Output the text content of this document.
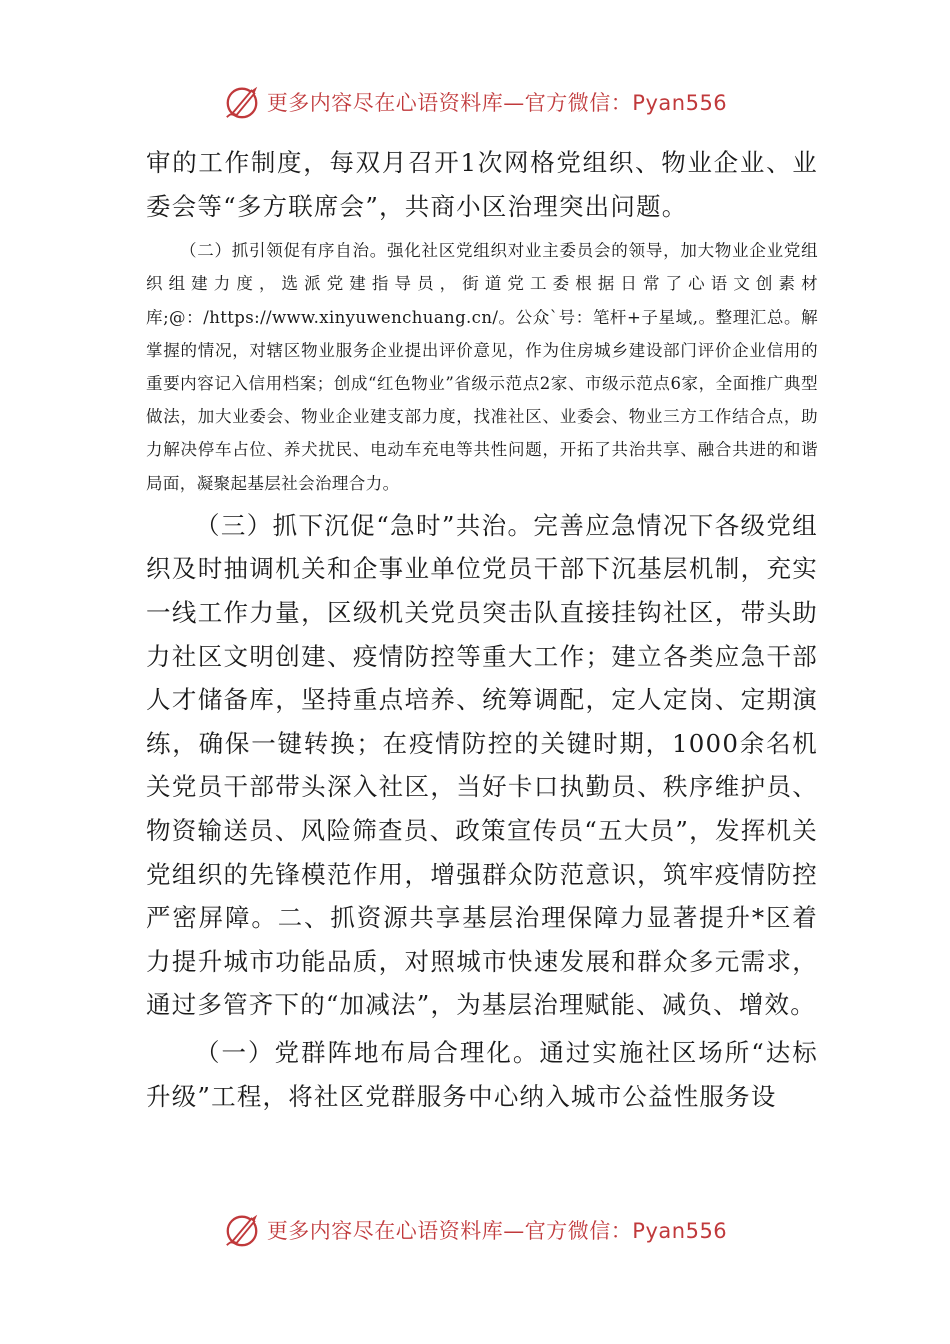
更多内容尽在心语资料库—官方微信：Pyan556

审的工作制度，每双月召开1次网格党组织、物业企业、业委会等“多方联席会”，共商小区治理突出问题。

（二）抓引领促有序自治。强化社区党组织对业主委员会的领导，加大物业企业党组织组建力度，选派党建指导员，街道党工委根据日常了心语文创素材库;@：/https://www.xinyuwenchuang.cn/。公众`号：笔杆+子星域,。整理汇总。解掌握的情况，对辖区物业服务企业提出评价意见，作为住房城乡建设部门评价企业信用的重要内容记入信用档案；创成“红色物业”省级示范点2家、市级示范点6家，全面推广典型做法，加大业委会、物业企业建支部力度，找准社区、业委会、物业三方工作结合点，助力解决停车占位、养犬扰民、电动车充电等共性问题，开拓了共治共享、融合共进的和谐局面，凝聚起基层社会治理合力。

（三）抓下沉促“急时”共治。完善应急情况下各级党组织及时抽调机关和企事业单位党员干部下沉基层机制，充实一线工作力量，区级机关党员突击队直接挂钩社区，带头助力社区文明创建、疫情防控等重大工作；建立各类应急干部人才储备库，坚持重点培养、统筹调配，定人定岗、定期演练，确保一键转换；在疫情防控的关键时期，1000余名机关党员干部带头深入社区，当好卡口执勤员、秩序维护员、物资输送员、风险筛查员、政策宣传员“五大员”，发挥机关党组织的先锋模范作用，增强群众防范意识，筑牢疫情防控严密屏障。二、抓资源共享基层治理保障力显著提升*区着力提升城市功能品质，对照城市快速发展和群众多元需求，通过多管齐下的“加减法”，为基层治理赋能、减负、增效。

（一）党群阵地布局合理化。通过实施社区场所“达标升级”工程，将社区党群服务中心纳入城市公益性服务设

更多内容尽在心语资料库—官方微信：Pyan556
